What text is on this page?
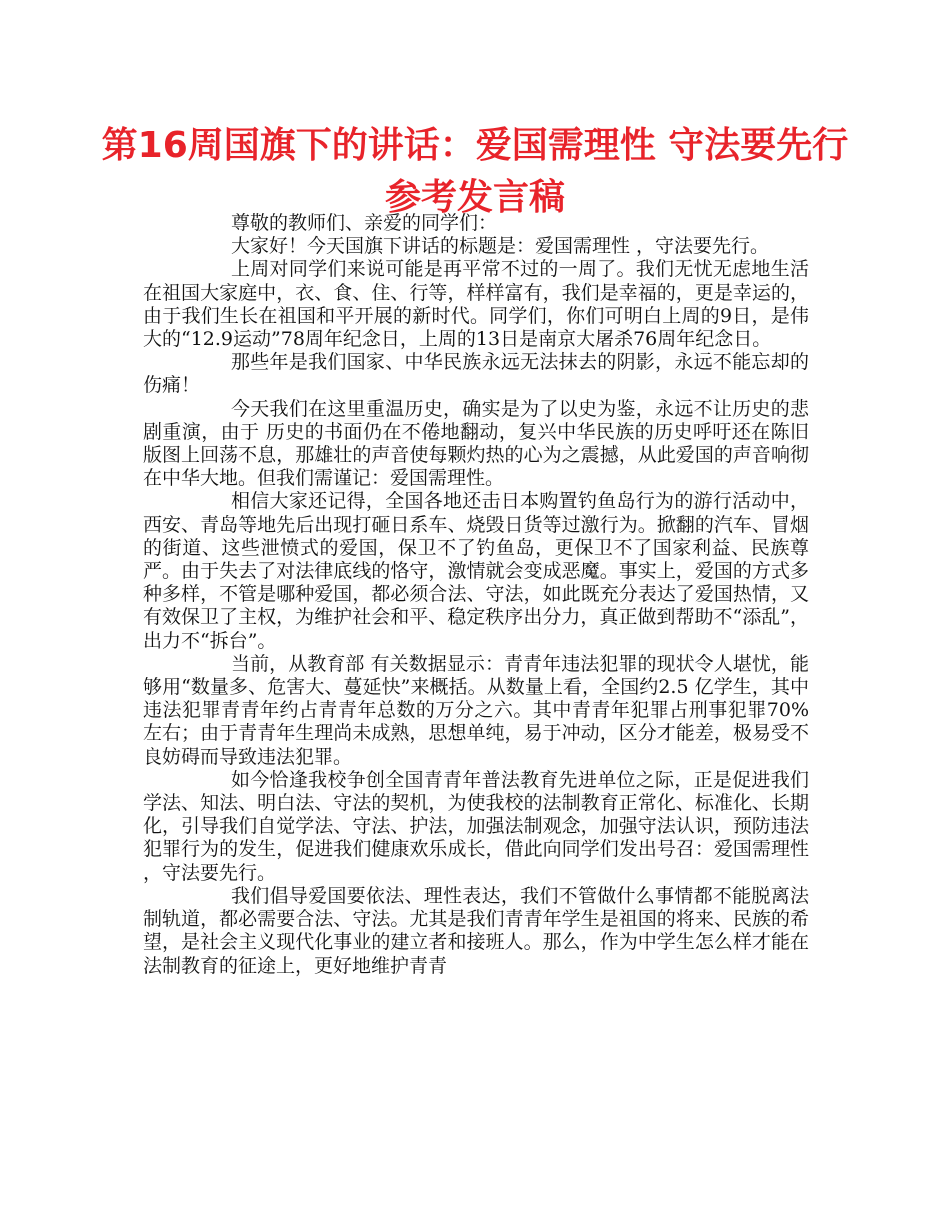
第16周国旗下的讲话：爱国需理性 守法要先行参考发言稿

尊敬的教师们、亲爱的同学们：

大家好！今天国旗下讲话的标题是：爱国需理性 ，守法要先行。

上周对同学们来说可能是再平常不过的一周了。我们无忧无虑地生活在祖国大家庭中，衣、食、住、行等，样样富有，我们是幸福的，更是幸运的，由于我们生长在祖国和平开展的新时代。同学们，你们可明白上周的9日，是伟大的“12.9运动”78周年纪念日，上周的13日是南京大屠杀76周年纪念日。

那些年是我们国家、中华民族永远无法抹去的阴影，永远不能忘却的伤痛！

今天我们在这里重温历史，确实是为了以史为鉴，永远不让历史的悲剧重演，由于 历史的书面仍在不倦地翻动，复兴中华民族的历史呼吁还在陈旧版图上回荡不息，那雄壮的声音使每颗灼热的心为之震撼，从此爱国的声音响彻在中华大地。但我们需谨记：爱国需理性。

相信大家还记得，全国各地还击日本购置钓鱼岛行为的游行活动中，西安、青岛等地先后出现打砸日系车、烧毁日货等过激行为。掀翻的汽车、冒烟的街道、这些泄愤式的爱国，保卫不了钓鱼岛，更保卫不了国家利益、民族尊严。由于失去了对法律底线的恪守，激情就会变成恶魔。事实上，爱国的方式多种多样，不管是哪种爱国，都必须合法、守法，如此既充分表达了爱国热情，又有效保卫了主权，为维护社会和平、稳定秩序出分力，真正做到帮助不“添乱”，出力不“拆台”。

当前，从教育部 有关数据显示：青青年违法犯罪的现状令人堪忧，能够用“数量多、危害大、蔓延快”来概括。从数量上看，全国约2.5 亿学生，其中违法犯罪青青年约占青青年总数的万分之六。其中青青年犯罪占刑事犯罪70%左右；由于青青年生理尚未成熟，思想单纯，易于冲动，区分才能差，极易受不良妨碍而导致违法犯罪。

如今恰逢我校争创全国青青年普法教育先进单位之际，正是促进我们学法、知法、明白法、守法的契机，为使我校的法制教育正常化、标准化、长期化，引导我们自觉学法、守法、护法，加强法制观念，加强守法认识，预防违法犯罪行为的发生，促进我们健康欢乐成长，借此向同学们发出号召：爱国需理性 ，守法要先行。

我们倡导爱国要依法、理性表达，我们不管做什么事情都不能脱离法制轨道，都必需要合法、守法。尤其是我们青青年学生是祖国的将来、民族的希望，是社会主义现代化事业的建立者和接班人。那么，作为中学生怎么样才能在法制教育的征途上，更好地维护青青
